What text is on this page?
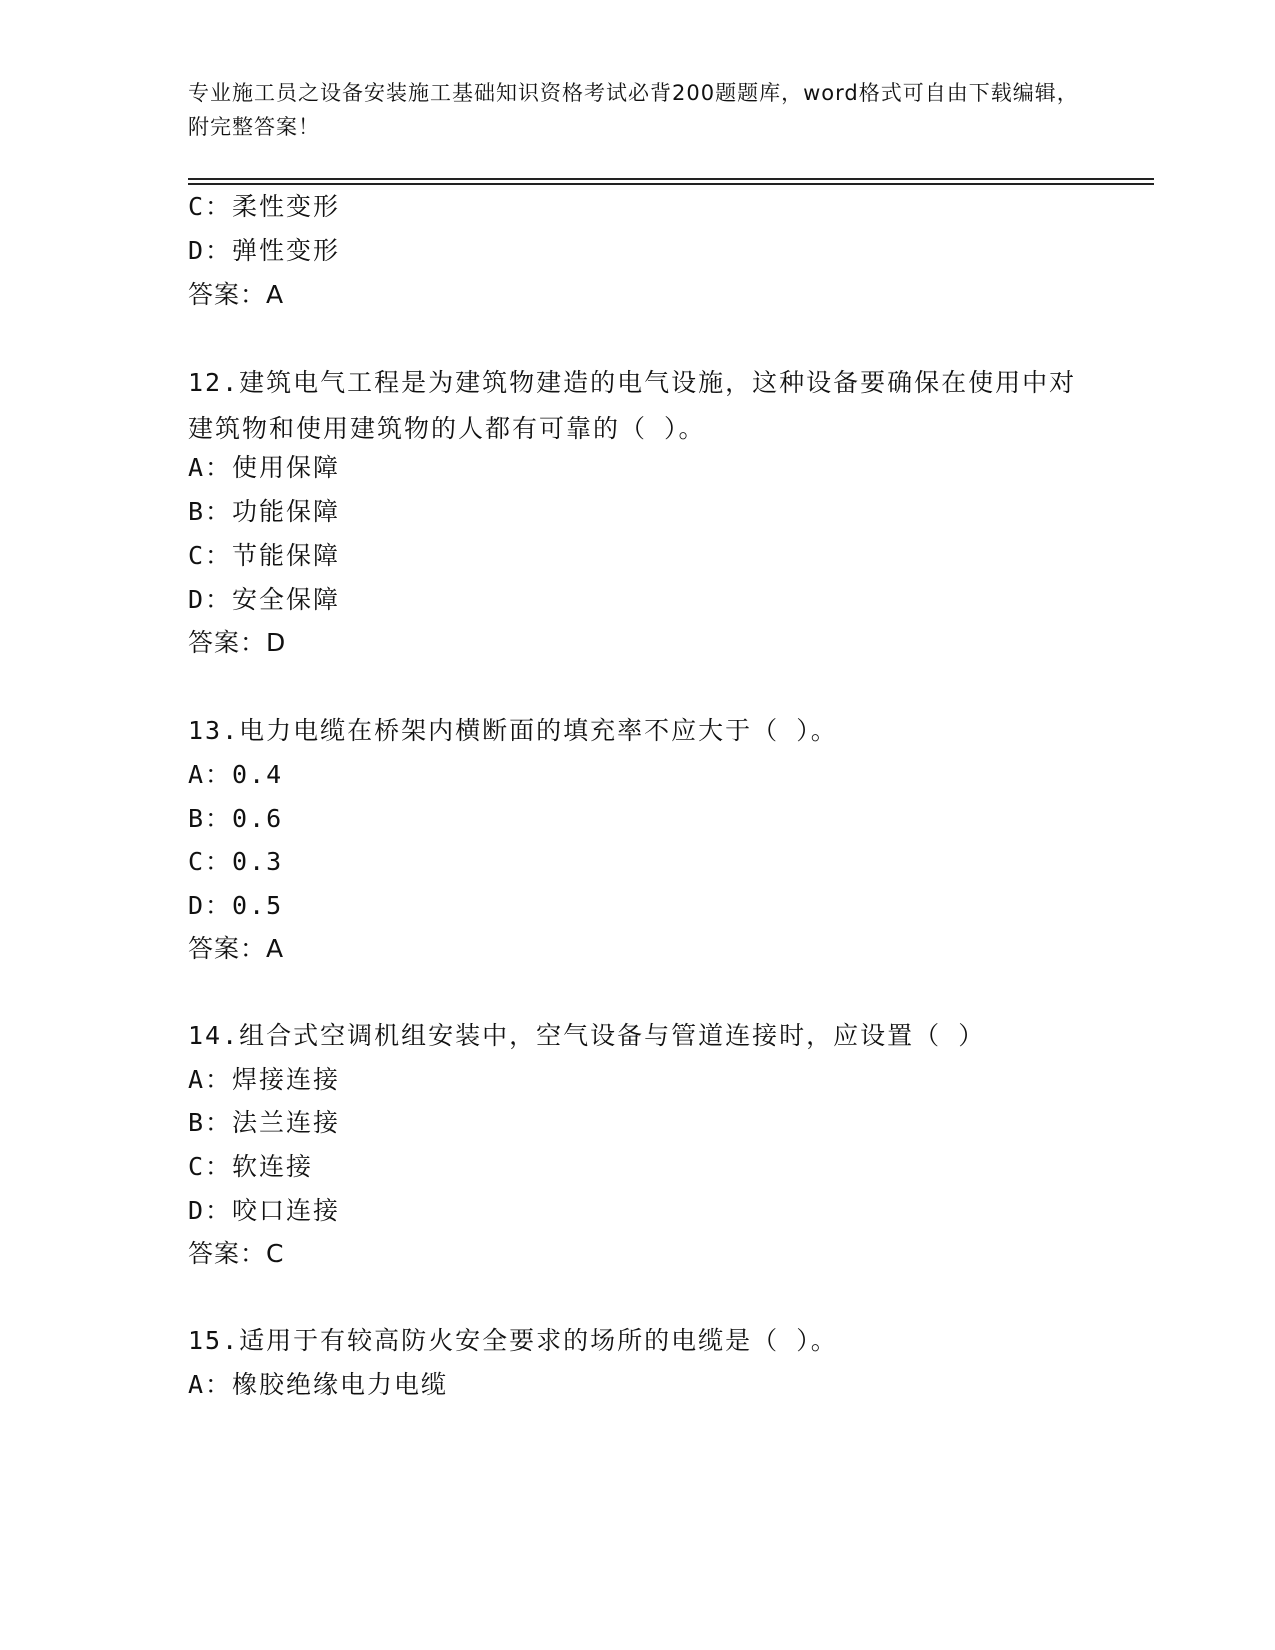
专业施工员之设备安装施工基础知识资格考试必背200题题库，word格式可自由下载编辑，附完整答案！
C：柔性变形
D：弹性变形
答案：A
12.建筑电气工程是为建筑物建造的电气设施，这种设备要确保在使用中对建筑物和使用建筑物的人都有可靠的（ ）。
A：使用保障
B：功能保障
C：节能保障
D：安全保障
答案：D
13.电力电缆在桥架内横断面的填充率不应大于（ ）。
A：0.4
B：0.6
C：0.3
D：0.5
答案：A
14.组合式空调机组安装中，空气设备与管道连接时，应设置（ ）
A：焊接连接
B：法兰连接
C：软连接
D：咬口连接
答案：C
15.适用于有较高防火安全要求的场所的电缆是（ ）。
A：橡胶绝缘电力电缆
